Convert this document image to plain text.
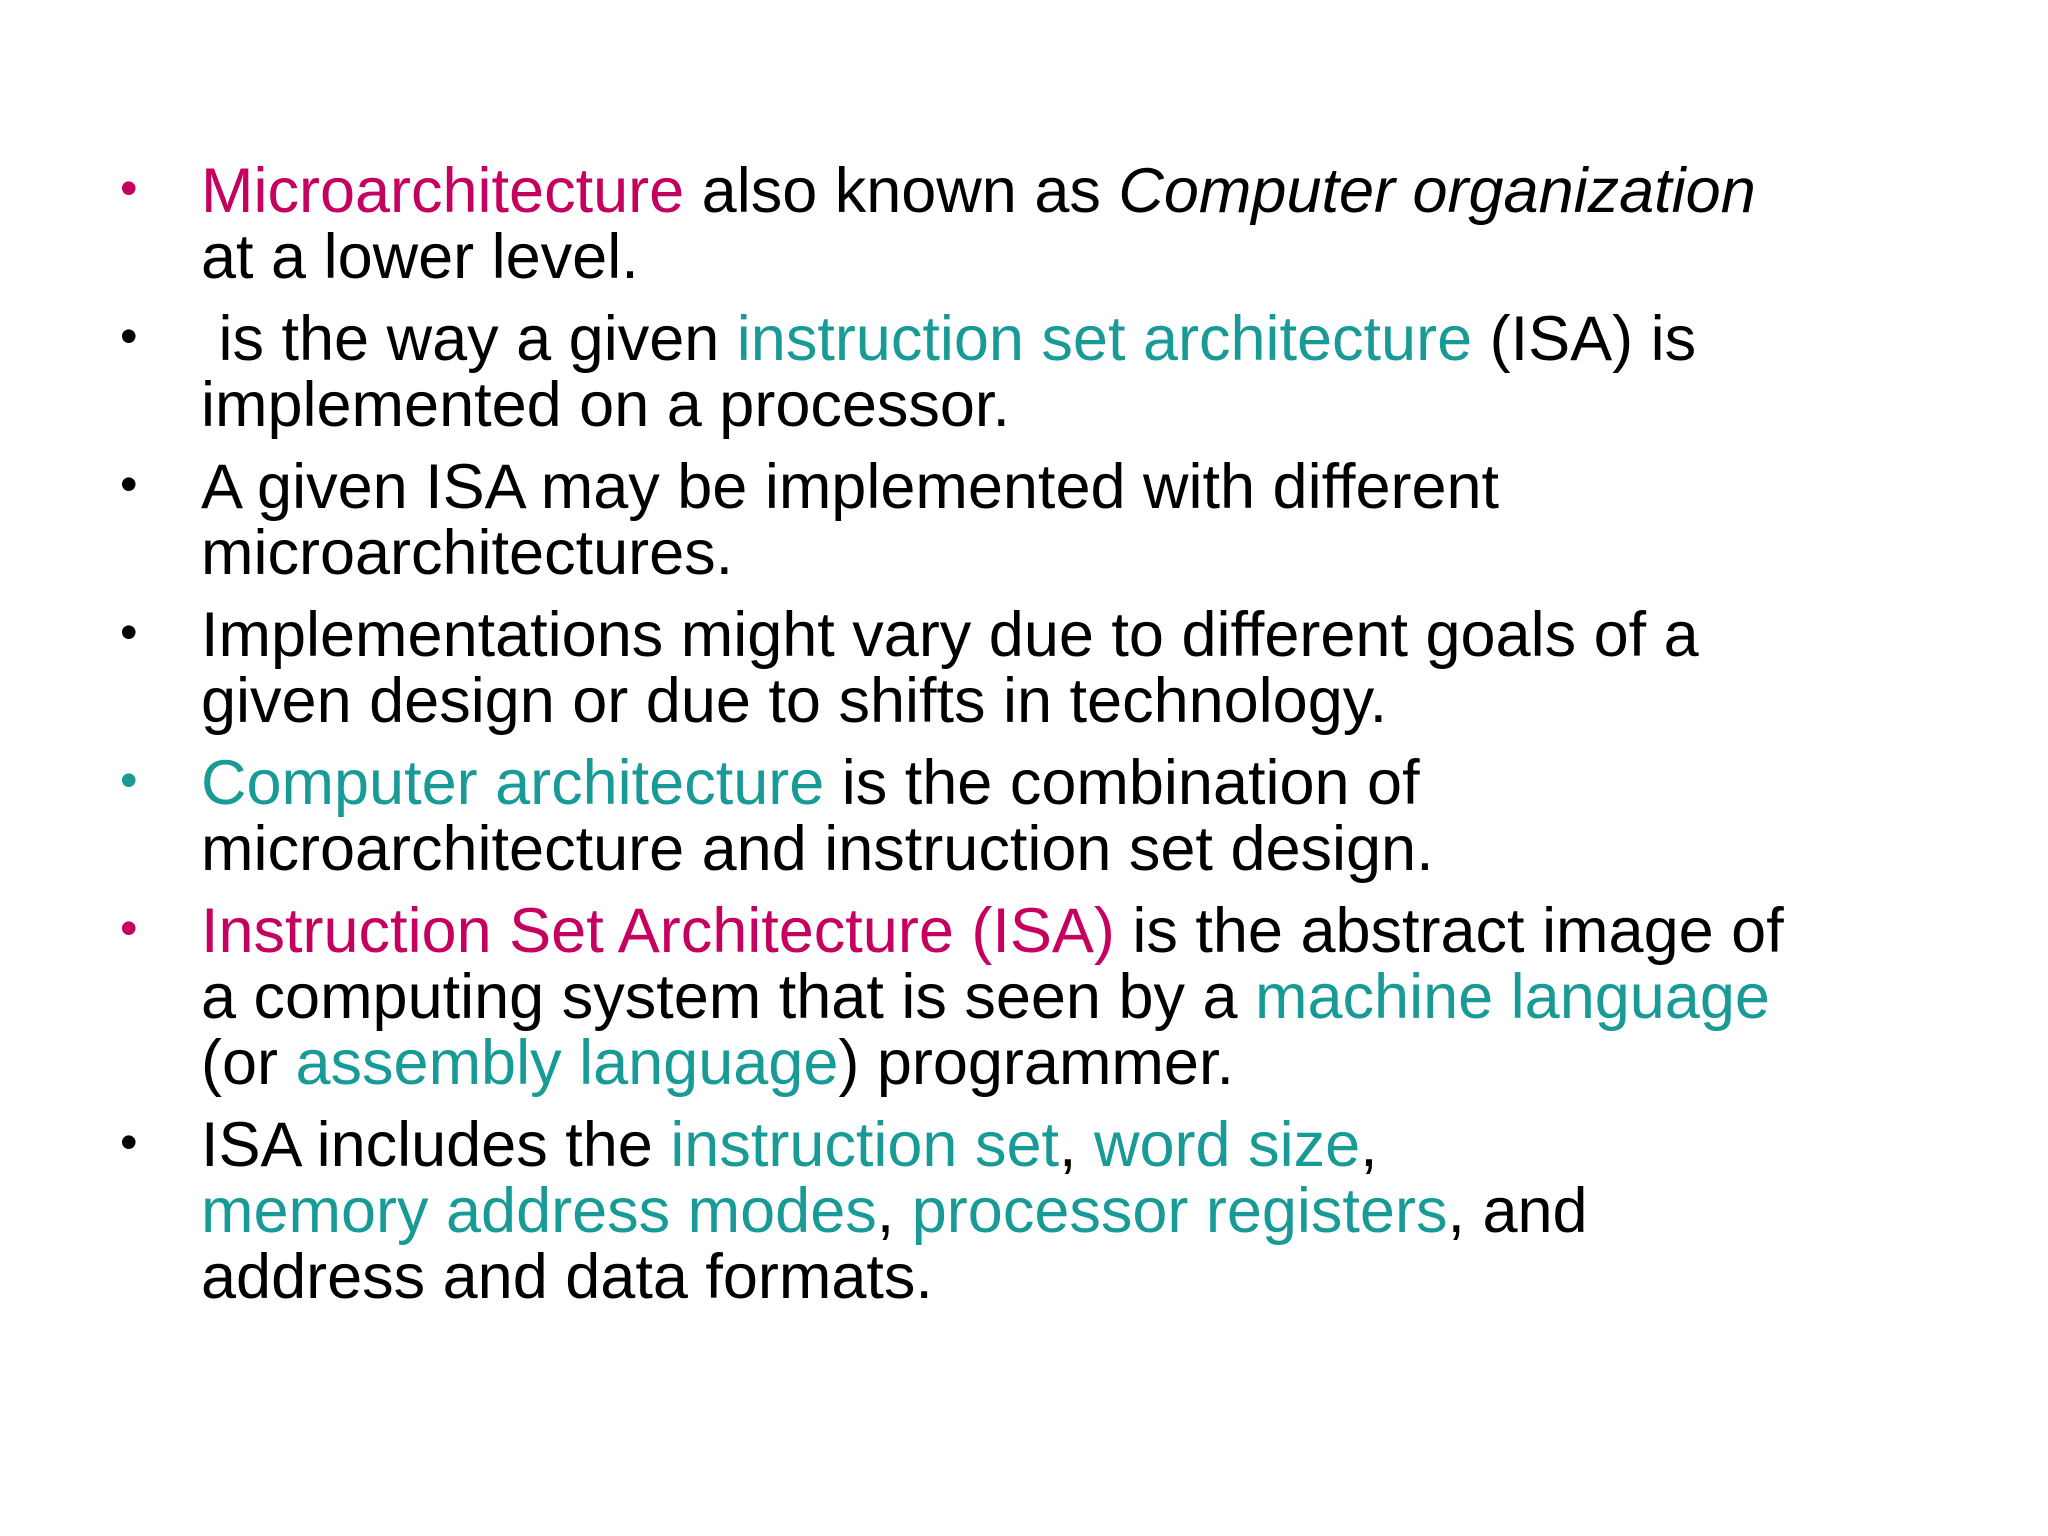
• Microarchitecture also known as Computer organization
at a lower level.
• is the way a given instruction set architecture (ISA) is
implemented on a processor.
• A given ISA may be implemented with different
microarchitectures.
• Implementations might vary due to different goals of a
given design or due to shifts in technology.
• Computer architecture is the combination of
microarchitecture and instruction set design.
• Instruction Set Architecture (ISA) is the abstract image of
a computing system that is seen by a machine language
(or assembly language) programmer.
• ISA includes the instruction set, word size,
memory address modes, processor registers, and
address and data formats.
